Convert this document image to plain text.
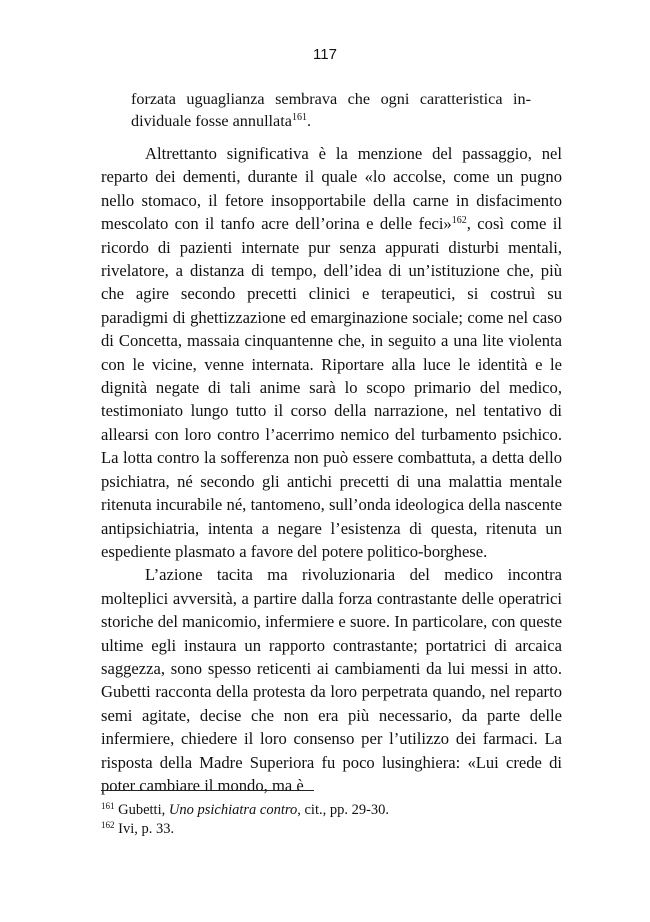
117
forzata uguaglianza sembrava che ogni caratteristica individuale fosse annullata$^{161}$.

Altrettanto significativa è la menzione del passaggio, nel reparto dei dementi, durante il quale «lo accolse, come un pugno nello stomaco, il fetore insopportabile della carne in disfacimento mescolato con il tanfo acre dell’orina e delle feci»$^{162}$, così come il ricordo di pazienti internate pur senza appurati disturbi mentali, rivelatore, a distanza di tempo, dell’idea di un’istituzione che, più che agire secondo precetti clinici e terapeutici, si costruì su paradigmi di ghettizzazione ed emarginazione sociale; come nel caso di Concetta, massaia cinquantenne che, in seguito a una lite violenta con le vicine, venne internata. Riportare alla luce le identità e le dignità negate di tali anime sarà lo scopo primario del medico, testimoniato lungo tutto il corso della narrazione, nel tentativo di allearsi con loro contro l’acerrimo nemico del turbamento psichico. La lotta contro la sofferenza non può essere combattuta, a detta dello psichiatra, né secondo gli antichi precetti di una malattia mentale ritenuta incurabile né, tantomeno, sull’onda ideologica della nascente antipsichiatria, intenta a negare l’esistenza di questa, ritenuta un espediente plasmato a favore del potere politico-borghese.

L’azione tacita ma rivoluzionaria del medico incontra molteplici avversità, a partire dalla forza contrastante delle operatrici storiche del manicomio, infermiere e suore. In particolare, con queste ultime egli instaura un rapporto contrastante; portatrici di arcaica saggezza, sono spesso reticenti ai cambiamenti da lui messi in atto. Gubetti racconta della protesta da loro perpetrata quando, nel reparto semi agitate, decise che non era più necessario, da parte delle infermiere, chiedere il loro consenso per l’utilizzo dei farmaci. La risposta della Madre Superiora fu poco lusinghiera: «Lui crede di poter cambiare il mondo, ma è

$^{161}$ Gubetti, Uno psichiatra contro, cit., pp. 29-30.

$^{162}$ Ivi, p. 33.
